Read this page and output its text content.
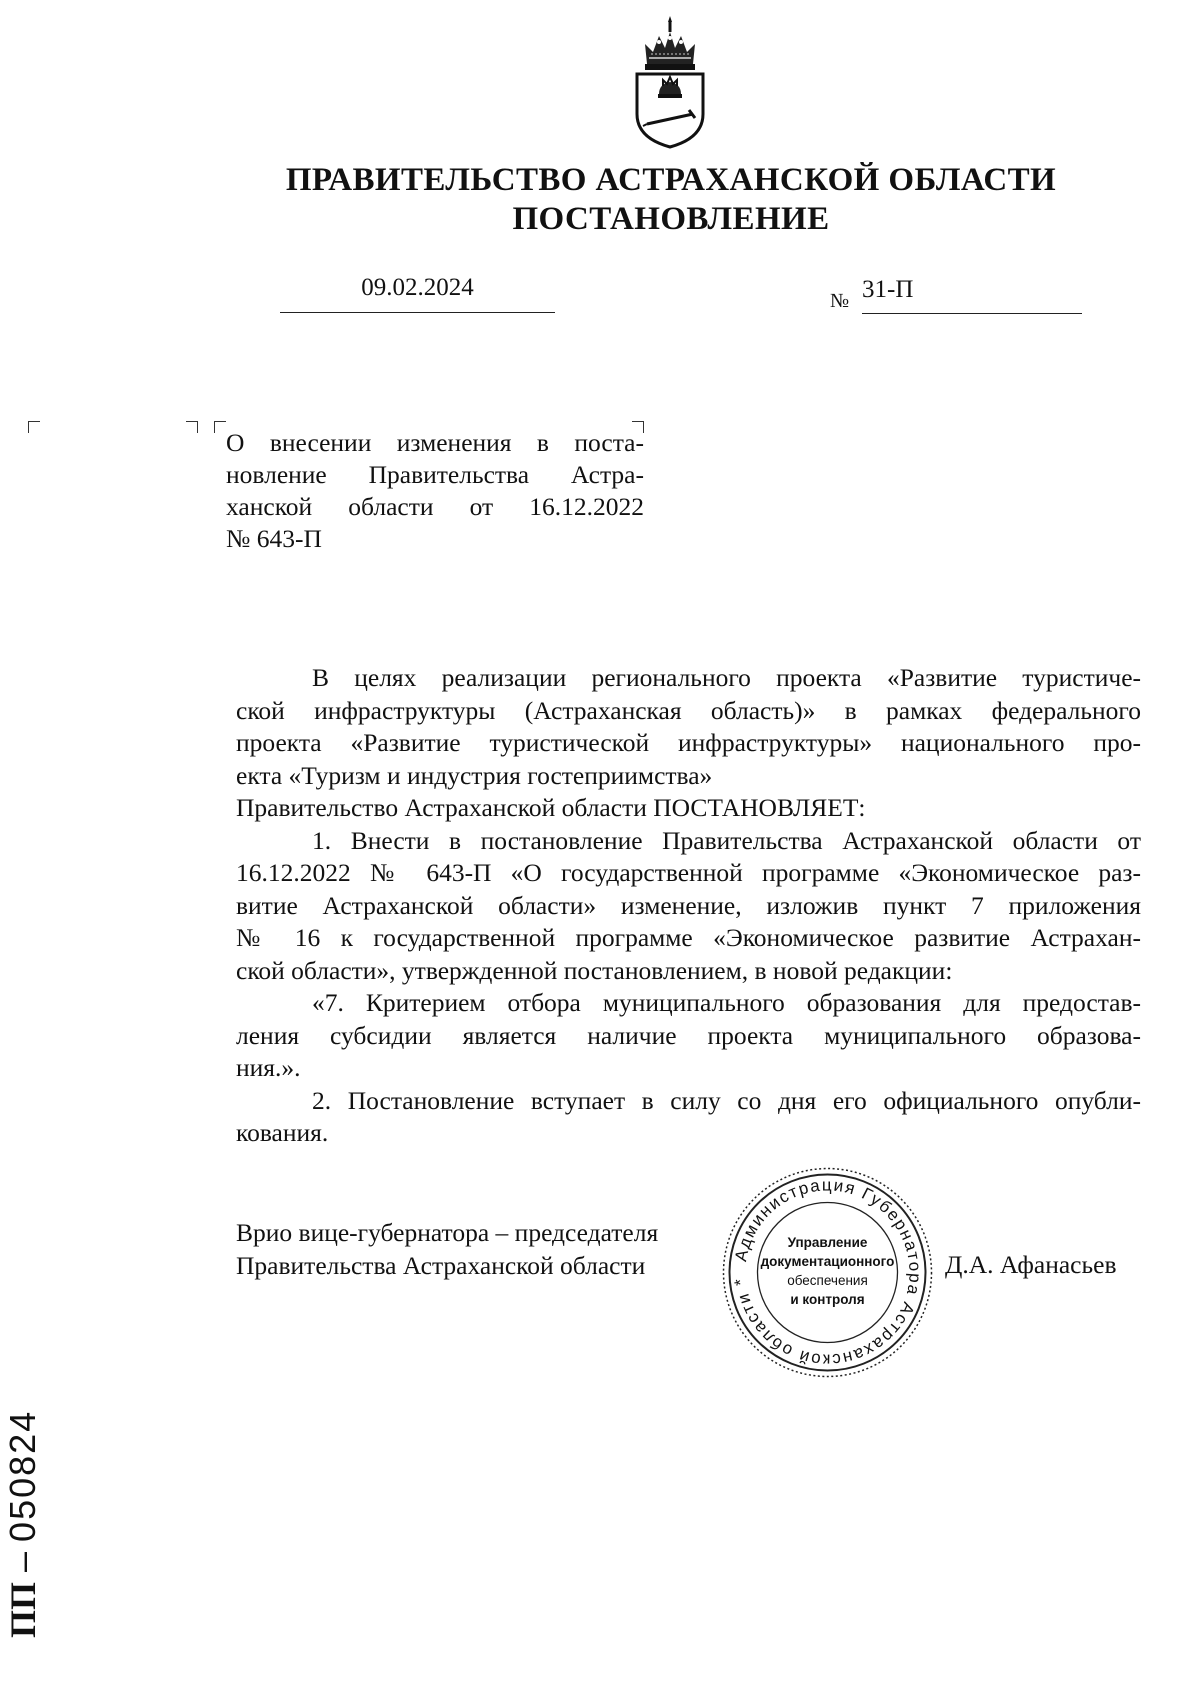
ПРАВИТЕЛЬСТВО АСТРАХАНСКОЙ ОБЛАСТИ
ПОСТАНОВЛЕНИЕ
09.02.2024	№ 31-П
О внесении изменения в поста-
новление Правительства Астра-
ханской области от 16.12.2022
№ 643-П
В целях реализации регионального проекта «Развитие туристиче-
ской инфраструктуры (Астраханская область)» в рамках федерального
проекта «Развитие туристической инфраструктуры» национального про-
екта «Туризм и индустрия гостеприимства»
Правительство Астраханской области ПОСТАНОВЛЯЕТ:
1. Внести в постановление Правительства Астраханской области от
16.12.2022 № 643-П «О государственной программе «Экономическое раз-
витие Астраханской области» изменение, изложив пункт 7 приложения
№ 16 к государственной программе «Экономическое развитие Астрахан-
ской области», утвержденной постановлением, в новой редакции:
«7. Критерием отбора муниципального образования для предостав-
ления субсидии является наличие проекта муниципального образова-
ния.».
2. Постановление вступает в силу со дня его официального опубли-
кования.
Врио вице-губернатора – председателя
Правительства Астраханской области	Д.А. Афанасьев
Администрация Губернатора Астраханской области *
Управление
документационного
обеспечения
и контроля
ПП – 050824
